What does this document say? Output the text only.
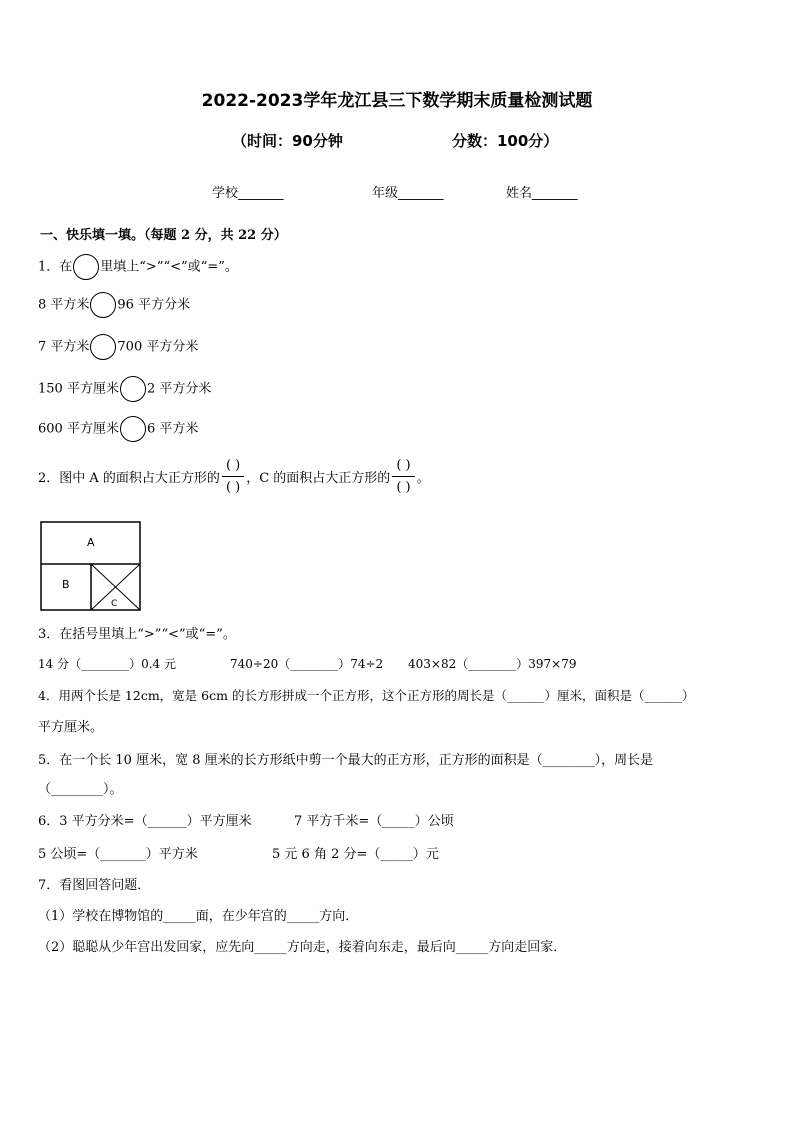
2022-2023学年龙江县三下数学期末质量检测试题
（时间：90分钟	分数：100分）
学校_______	年级_______	姓名_______
一、快乐填一填。（每题 2 分，共 22 分）
1．在 里填上“>”“<”或“=”。
8 平方米 96 平方分米
7 平方米 700 平方分米
150 平方厘米 2 平方分米
600 平方厘米 6 平方米
2．图中 A 的面积占大正方形的 $\frac{( )}{( )}$ ，C 的面积占大正方形的 $\frac{( )}{( )}$ 。
A
B
C
3．在括号里填上“>”“<”或“=”。
14 分（________）0.4 元	740÷20（________）74÷2 403×82（________）397×79
4．用两个长是 12cm，宽是 6cm 的长方形拼成一个正方形，这个正方形的周长是（______）厘米，面积是（______）
平方厘米。
5．在一个长 10 厘米，宽 8 厘米的长方形纸中剪一个最大的正方形，正方形的面积是（________），周长是
（________）。
6．3 平方分米=（______）平方厘米	7 平方千米=（_____）公顷
5 公顷=（_______）平方米	5 元 6 角 2 分=（_____）元
7．看图回答问题．
（1）学校在博物馆的_____面，在少年宫的_____方向．
（2）聪聪从少年宫出发回家，应先向_____方向走，接着向东走，最后向_____方向走回家．
